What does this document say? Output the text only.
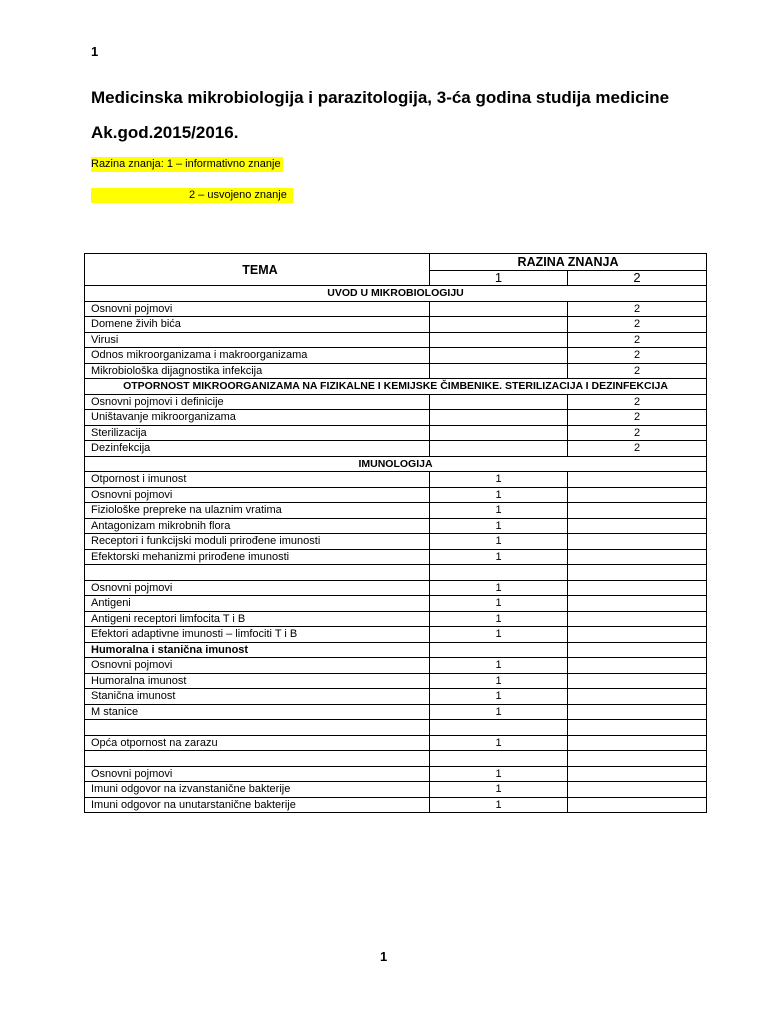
1
Medicinska mikrobiologija i parazitologija, 3-ća godina studija medicine
Ak.god.2015/2016.
Razina znanja: 1 – informativno znanje
2 – usvojeno znanje
TEMA	RAZINA ZNANJA	
	1	2
UVOD U MIKROBIOLOGIJU		
Osnovni pojmovi		2
Domene živih bića		2
Virusi		2
Odnos mikroorganizama i makroorganizama		2
Mikrobiološka dijagnostika infekcija		2
OTPORNOST MIKROORGANIZAMA NA FIZIKALNE I KEMIJSKE ČIMBENIKE. STERILIZACIJA I DEZINFEKCIJA		
Osnovni pojmovi i definicije		2
Uništavanje mikroorganizama		2
Sterilizacija		2
Dezinfekcija		2
IMUNOLOGIJA		
Otpornost i imunost	1	
Osnovni pojmovi	1	
Fiziološke prepreke na ulaznim vratima	1	
Antagonizam mikrobnih flora	1	
Receptori i funkcijski moduli prirođene imunosti	1	
Efektorski mehanizmi prirođene imunosti	1	

Osnovni pojmovi	1	
Antigeni	1	
Antigeni receptori limfocita T i B	1	
Efektori adaptivne imunosti – limfociti T i B	1	
Humoralna i stanična imunost		
Osnovni pojmovi	1	
Humoralna imunost	1	
Stanična imunost	1	
M stanice	1	

Opća otpornost na zarazu	1	

Osnovni pojmovi	1	
Imuni odgovor na izvanstanične bakterije	1	
Imuni odgovor na unutarstanične bakterije	1	
1
